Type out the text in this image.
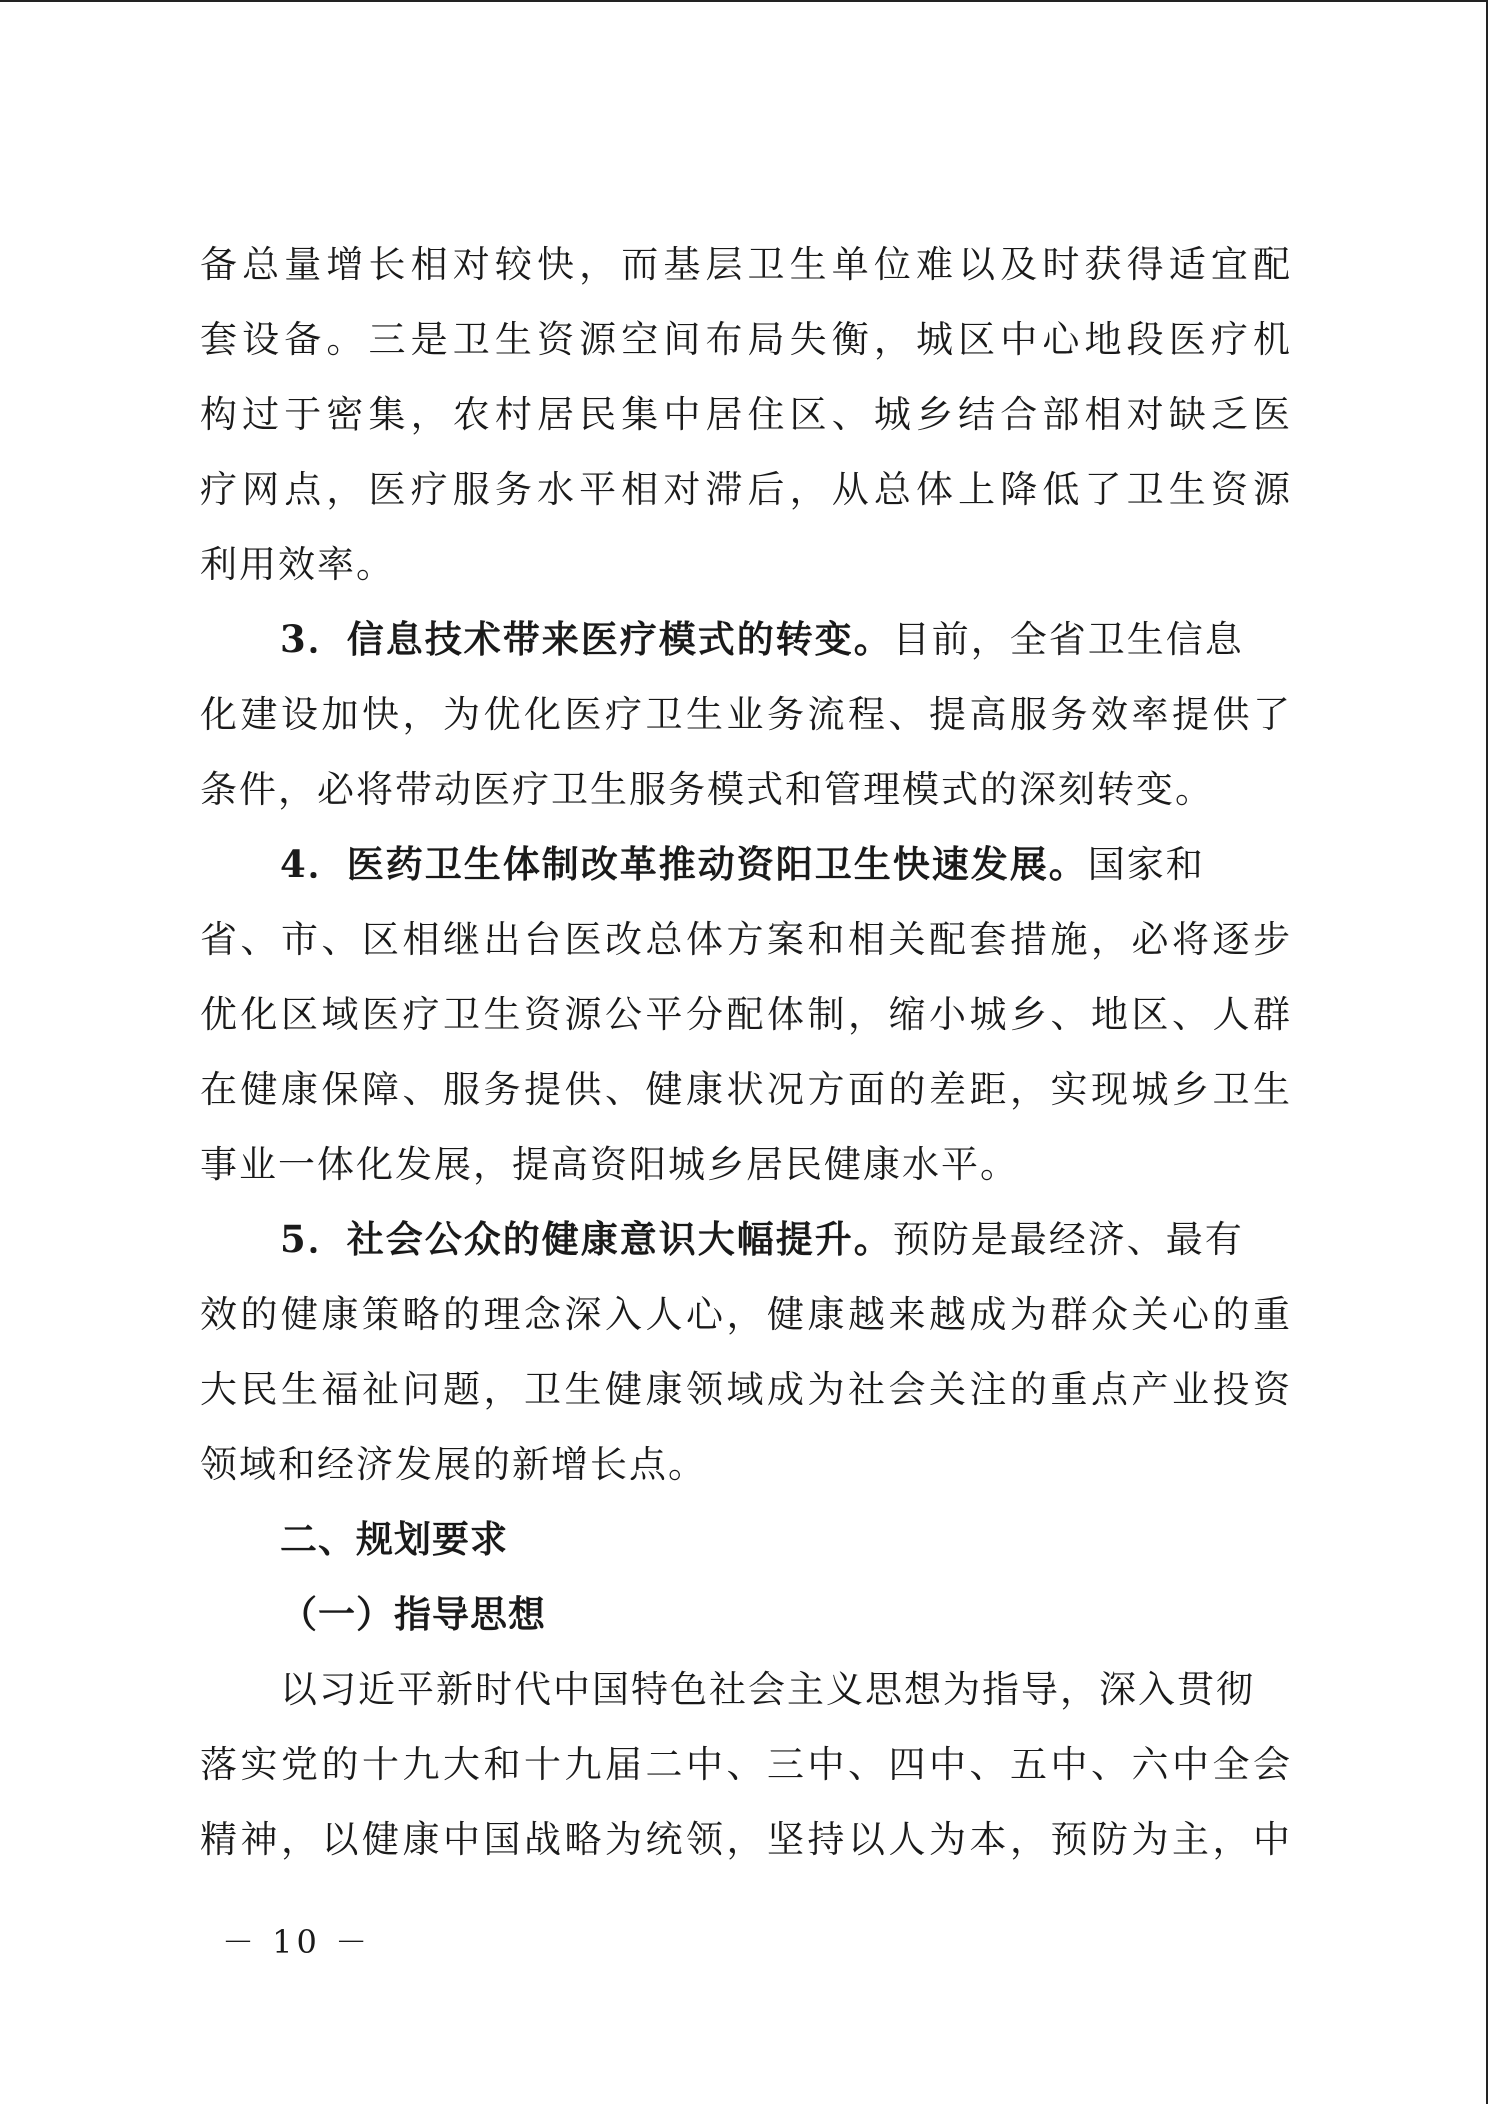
备总量增长相对较快，而基层卫生单位难以及时获得适宜配
套设备。三是卫生资源空间布局失衡，城区中心地段医疗机
构过于密集，农村居民集中居住区、城乡结合部相对缺乏医
疗网点，医疗服务水平相对滞后，从总体上降低了卫生资源
利用效率。
3．信息技术带来医疗模式的转变。目前，全省卫生信息
化建设加快，为优化医疗卫生业务流程、提高服务效率提供了
条件，必将带动医疗卫生服务模式和管理模式的深刻转变。
4．医药卫生体制改革推动资阳卫生快速发展。国家和
省、市、区相继出台医改总体方案和相关配套措施，必将逐步
优化区域医疗卫生资源公平分配体制，缩小城乡、地区、人群
在健康保障、服务提供、健康状况方面的差距，实现城乡卫生
事业一体化发展，提高资阳城乡居民健康水平。
5．社会公众的健康意识大幅提升。预防是最经济、最有
效的健康策略的理念深入人心，健康越来越成为群众关心的重
大民生福祉问题，卫生健康领域成为社会关注的重点产业投资
领域和经济发展的新增长点。
二、规划要求
（一）指导思想
以习近平新时代中国特色社会主义思想为指导，深入贯彻
落实党的十九大和十九届二中、三中、四中、五中、六中全会
精神，以健康中国战略为统领，坚持以人为本，预防为主，中
－ 10 －
